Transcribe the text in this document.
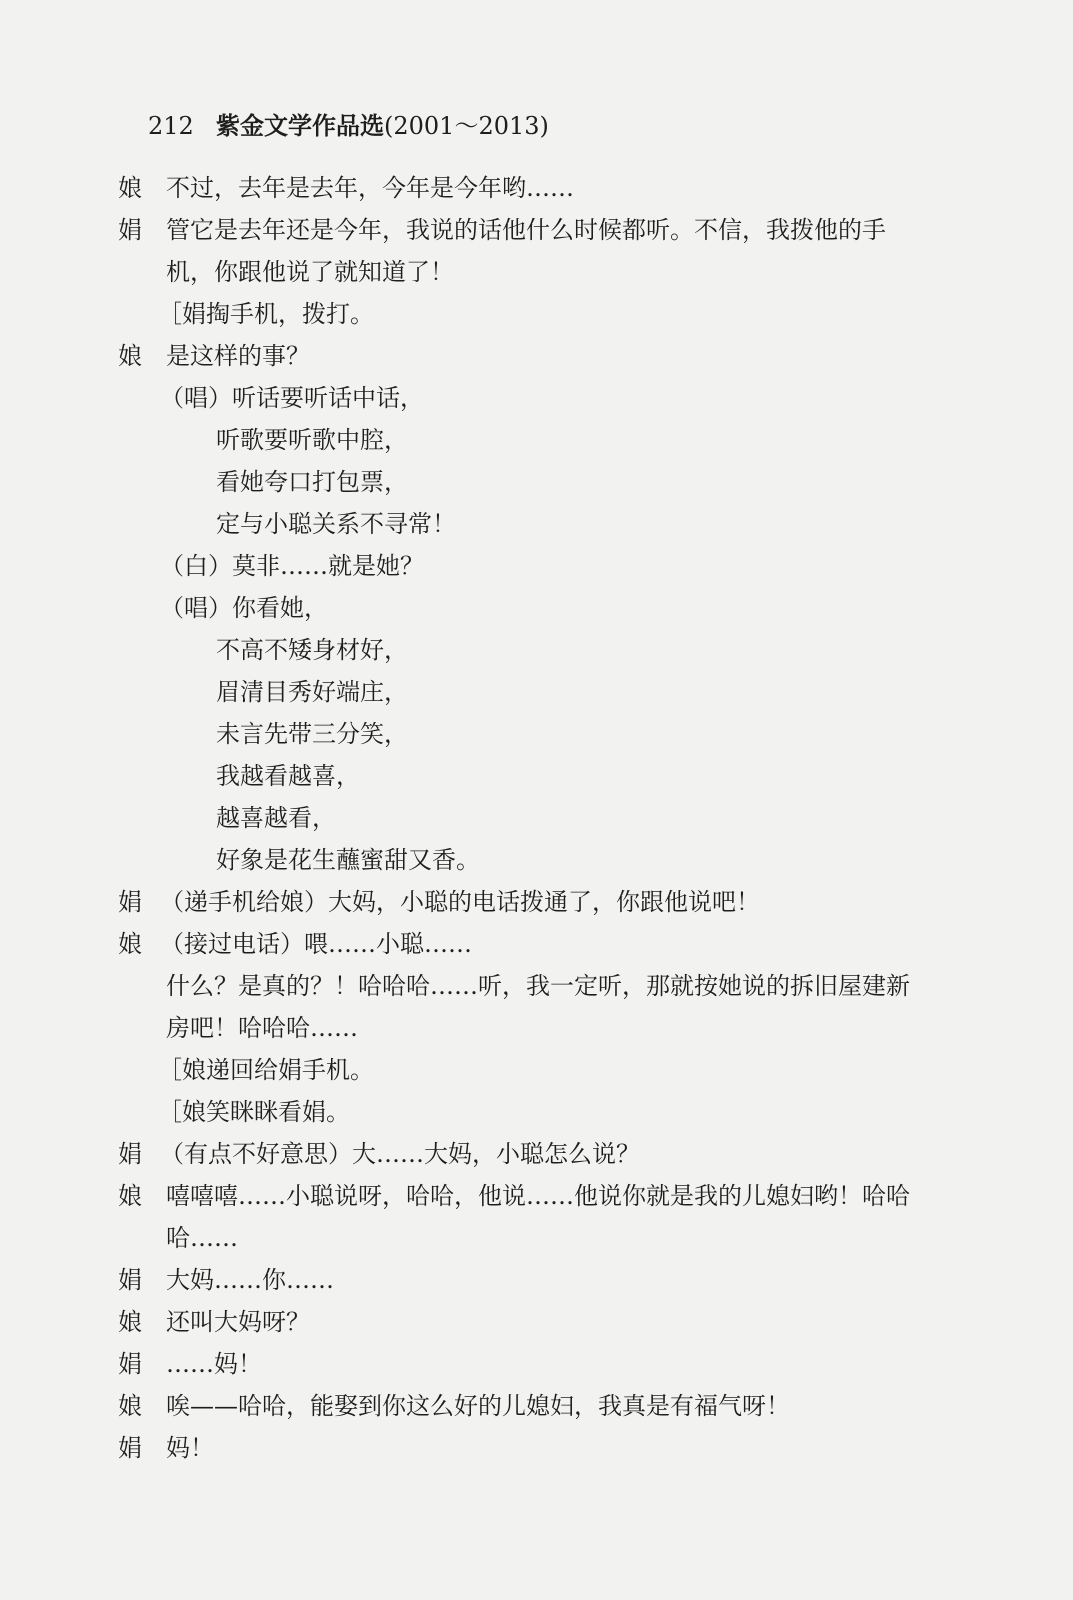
212 紫金文学作品选(2001～2013)
娘 不过，去年是去年，今年是今年哟……
娟 管它是去年还是今年，我说的话他什么时候都听。不信，我拨他的手
机，你跟他说了就知道了！
［娟掏手机，拨打。
娘 是这样的事？
（唱）听话要听话中话，
听歌要听歌中腔，
看她夸口打包票，
定与小聪关系不寻常！
（白）莫非……就是她？
（唱）你看她，
不高不矮身材好，
眉清目秀好端庄，
未言先带三分笑，
我越看越喜，
越喜越看，
好象是花生蘸蜜甜又香。
娟 （递手机给娘）大妈，小聪的电话拨通了，你跟他说吧！
娘 （接过电话）喂……小聪……
什么？是真的？！哈哈哈……听，我一定听，那就按她说的拆旧屋建新
房吧！哈哈哈……
［娘递回给娟手机。
［娘笑眯眯看娟。
娟 （有点不好意思）大……大妈，小聪怎么说？
娘 嘻嘻嘻……小聪说呀，哈哈，他说……他说你就是我的儿媳妇哟！哈哈
哈……
娟 大妈……你……
娘 还叫大妈呀？
娟 ……妈！
娘 唉——哈哈，能娶到你这么好的儿媳妇，我真是有福气呀！
娟 妈！
